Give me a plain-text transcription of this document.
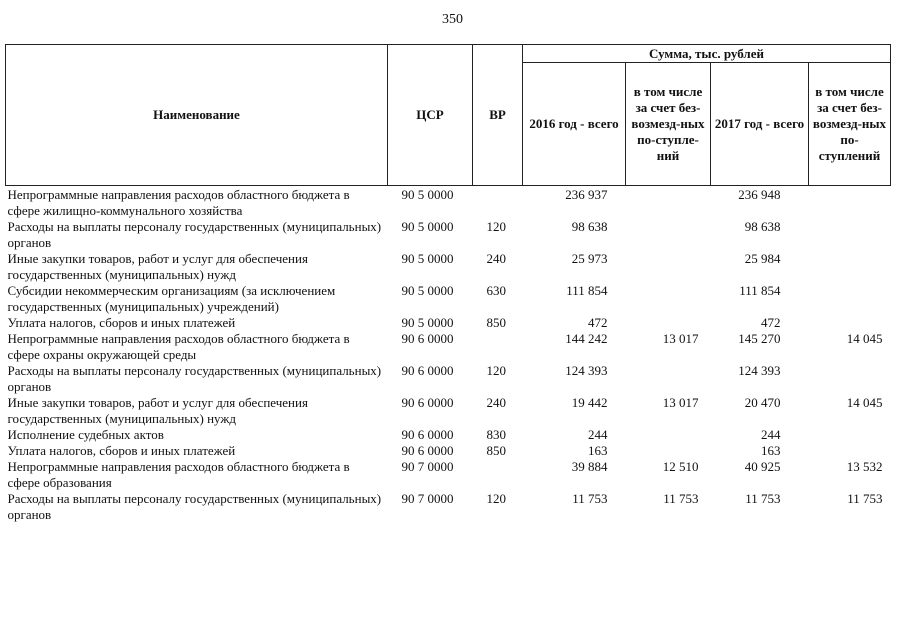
350
Наименование	ЦСР	ВР	Сумма, тыс. рублей			
			2016 год - всего	в том числе за счет без-возмезд-ных по-ступле-ний	2017 год - всего	в том числе за счет без-возмезд-ных по-ступлений
Непрограммные направления расходов областного бюджета в сфере жилищно-коммунального хозяйства	90 5 0000		236 937		236 948	
Расходы на выплаты персоналу государственных (муниципальных) органов	90 5 0000	120	98 638		98 638	
Иные закупки товаров, работ и услуг для обеспечения государственных (муниципальных) нужд	90 5 0000	240	25 973		25 984	
Субсидии некоммерческим организациям (за исключением государственных (муниципальных) учреждений)	90 5 0000	630	111 854		111 854	
Уплата налогов, сборов и иных платежей	90 5 0000	850	472		472	
Непрограммные направления расходов областного бюджета в сфере охраны окружающей среды	90 6 0000		144 242	13 017	145 270	14 045
Расходы на выплаты персоналу государственных (муниципальных) органов	90 6 0000	120	124 393		124 393	
Иные закупки товаров, работ и услуг для обеспечения государственных (муниципальных) нужд	90 6 0000	240	19 442	13 017	20 470	14 045
Исполнение судебных актов	90 6 0000	830	244		244	
Уплата налогов, сборов и иных платежей	90 6 0000	850	163		163	
Непрограммные направления расходов областного бюджета в сфере образования	90 7 0000		39 884	12 510	40 925	13 532
Расходы на выплаты персоналу государственных (муниципальных) органов	90 7 0000	120	11 753	11 753	11 753	11 753
